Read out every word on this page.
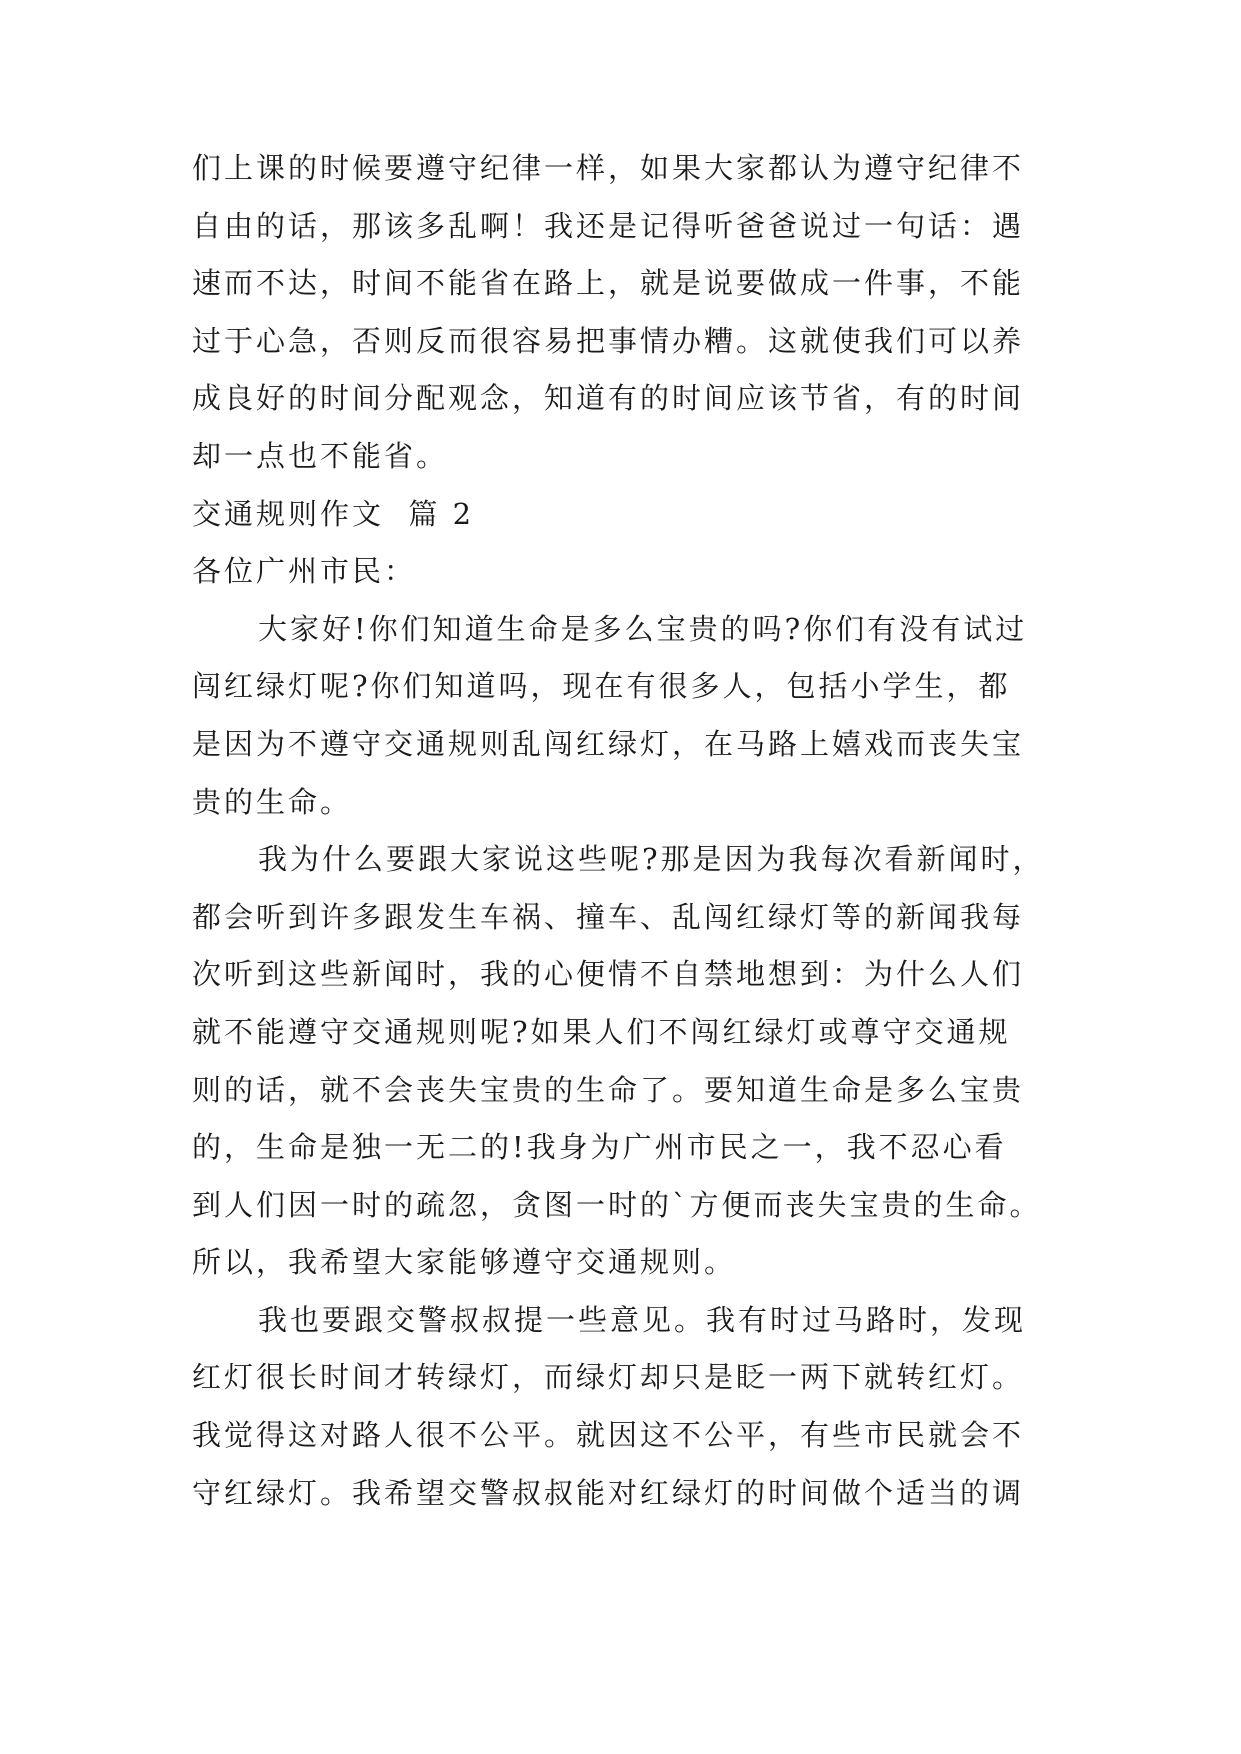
们上课的时候要遵守纪律一样，如果大家都认为遵守纪律不
自由的话，那该多乱啊！我还是记得听爸爸说过一句话：遇
速而不达，时间不能省在路上，就是说要做成一件事，不能
过于心急，否则反而很容易把事情办糟。这就使我们可以养
成良好的时间分配观念，知道有的时间应该节省，有的时间
却一点也不能省。
交通规则作文  篇 2
各位广州市民：
大家好!你们知道生命是多么宝贵的吗?你们有没有试过
闯红绿灯呢?你们知道吗，现在有很多人，包括小学生，都
是因为不遵守交通规则乱闯红绿灯，在马路上嬉戏而丧失宝
贵的生命。
我为什么要跟大家说这些呢?那是因为我每次看新闻时，
都会听到许多跟发生车祸、撞车、乱闯红绿灯等的新闻我每
次听到这些新闻时，我的心便情不自禁地想到：为什么人们
就不能遵守交通规则呢?如果人们不闯红绿灯或尊守交通规
则的话，就不会丧失宝贵的生命了。要知道生命是多么宝贵
的，生命是独一无二的!我身为广州市民之一，我不忍心看
到人们因一时的疏忽，贪图一时的`方便而丧失宝贵的生命。
所以，我希望大家能够遵守交通规则。
我也要跟交警叔叔提一些意见。我有时过马路时，发现
红灯很长时间才转绿灯，而绿灯却只是眨一两下就转红灯。
我觉得这对路人很不公平。就因这不公平，有些市民就会不
守红绿灯。我希望交警叔叔能对红绿灯的时间做个适当的调
